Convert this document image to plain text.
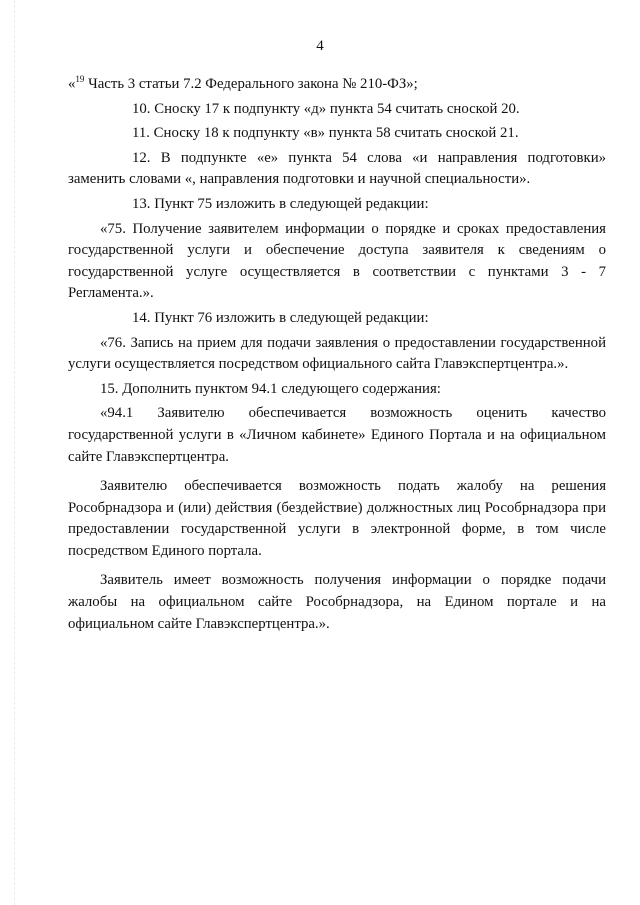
4

«$^{19}$ Часть 3 статьи 7.2 Федерального закона № 210-ФЗ»;

10. Сноску 17 к подпункту «д» пункта 54 считать сноской 20.

11. Сноску 18 к подпункту «в» пункта 58 считать сноской 21.

12. В подпункте «е» пункта 54 слова «и направления подготовки» заменить словами «, направления подготовки и научной специальности».

13. Пункт 75 изложить в следующей редакции:

«75. Получение заявителем информации о порядке и сроках предоставления государственной услуги и обеспечение доступа заявителя к сведениям о государственной услуге осуществляется в соответствии с пунктами 3 - 7 Регламента.».

14. Пункт 76 изложить в следующей редакции:

«76. Запись на прием для подачи заявления о предоставлении государственной услуги осуществляется посредством официального сайта Главэкспертцентра.».

15. Дополнить пунктом 94.1 следующего содержания:

«94.1 Заявителю обеспечивается возможность оценить качество государственной услуги в «Личном кабинете» Единого Портала и на официальном сайте Главэкспертцентра.

Заявителю обеспечивается возможность подать жалобу на решения Рособрнадзора и (или) действия (бездействие) должностных лиц Рособрнадзора при предоставлении государственной услуги в электронной форме, в том числе посредством Единого портала.

Заявитель имеет возможность получения информации о порядке подачи жалобы на официальном сайте Рособрнадзора, на Едином портале и на официальном сайте Главэкспертцентра.».
